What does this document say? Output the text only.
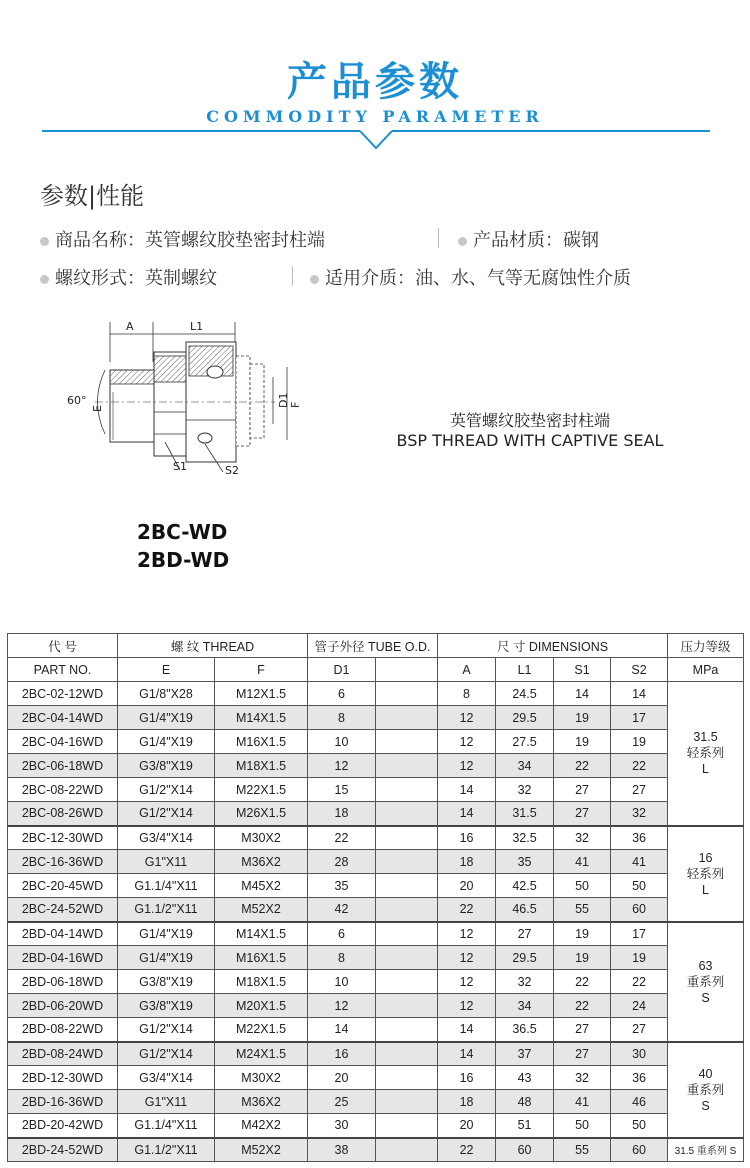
产品参数
COMMODITY PARAMETER
参数|性能
商品名称：英管螺纹胶垫密封柱端	产品材质：碳钢
螺纹形式：英制螺纹	适用介质：油、水、气等无腐蚀性介质
A	L1
60°
E
D1 F
S1	S2
英管螺纹胶垫密封柱端
BSP THREAD WITH CAPTIVE SEAL
2BC-WD
2BD-WD
代 号	螺 纹 THREAD		管子外径 TUBE O.D.		尺 寸 DIMENSIONS				压力等级
PART NO.	E	F	D1		A	L1	S1	S2	MPa
2BC-02-12WD	G1/8"X28	M12X1.5	6		8	24.5	14	14	31.5
轻系列
L

2BC-04-14WD	G1/4"X19	M14X1.5	8		12	29.5	19	17	
2BC-04-16WD	G1/4"X19	M16X1.5	10		12	27.5	19	19	
2BC-06-18WD	G3/8"X19	M18X1.5	12		12	34	22	22	
2BC-08-22WD	G1/2"X14	M22X1.5	15		14	32	27	27	
2BC-08-26WD	G1/2"X14	M26X1.5	18		14	31.5	27	32	
2BC-12-30WD	G3/4"X14	M30X2	22		16	32.5	32	36	16
轻系列
L

2BC-16-36WD	G1"X11	M36X2	28		18	35	41	41	
2BC-20-45WD	G1.1/4"X11	M45X2	35		20	42.5	50	50	
2BC-24-52WD	G1.1/2"X11	M52X2	42		22	46.5	55	60	
2BD-04-14WD	G1/4"X19	M14X1.5	6		12	27	19	17	63
重系列
S

2BD-04-16WD	G1/4"X19	M16X1.5	8		12	29.5	19	19	
2BD-06-18WD	G3/8"X19	M18X1.5	10		12	32	22	22	
2BD-06-20WD	G3/8"X19	M20X1.5	12		12	34	22	24	
2BD-08-22WD	G1/2"X14	M22X1.5	14		14	36.5	27	27	
2BD-08-24WD	G1/2"X14	M24X1.5	16		14	37	27	30	40
重系列
S

2BD-12-30WD	G3/4"X14	M30X2	20		16	43	32	36	
2BD-16-36WD	G1"X11	M36X2	25		18	48	41	46	
2BD-20-42WD	G1.1/4"X11	M42X2	30		20	51	50	50	
2BD-24-52WD	G1.1/2"X11	M52X2	38		22	60	55	60	31.5 重系列 S
